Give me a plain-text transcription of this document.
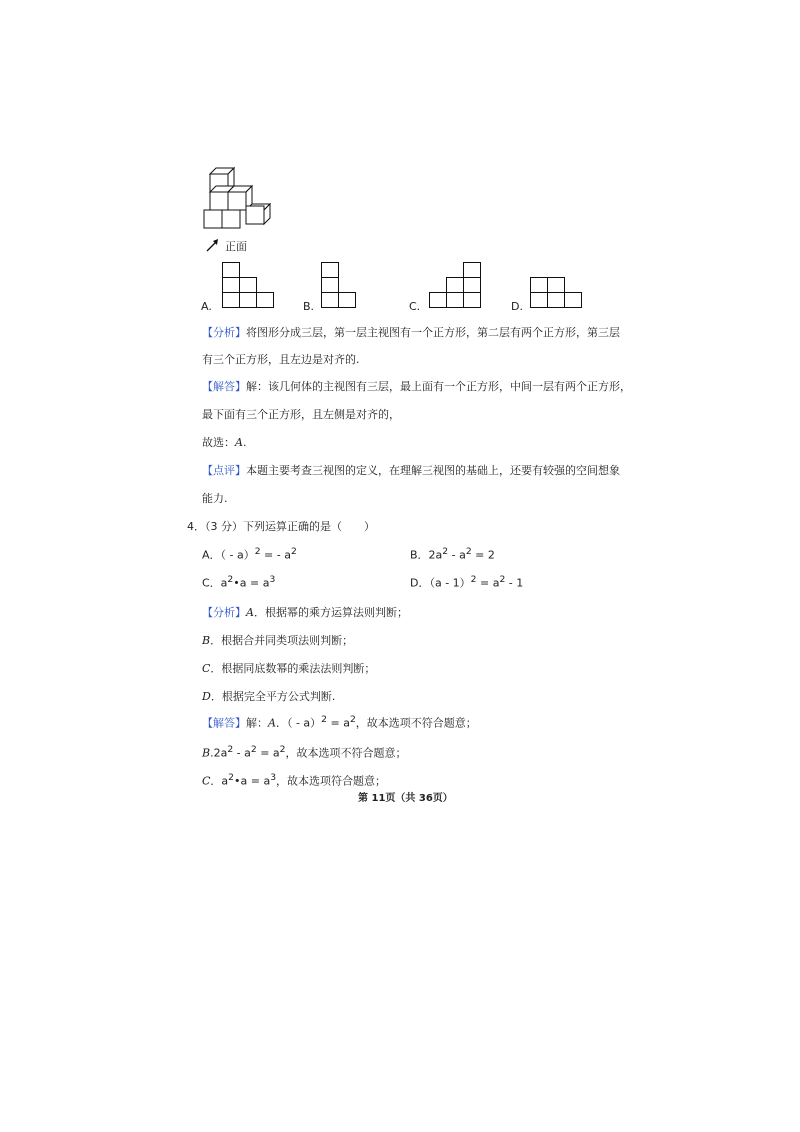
正面
A.	B.	C.	D.
【分析】将图形分成三层，第一层主视图有一个正方形，第二层有两个正方形，第三层
有三个正方形，且左边是对齐的.
【解答】解：该几何体的主视图有三层，最上面有一个正方形，中间一层有两个正方形，
最下面有三个正方形，且左侧是对齐的，
故选：A.
【点评】本题主要考查三视图的定义，在理解三视图的基础上，还要有较强的空间想象
能力.
4．（3 分）下列运算正确的是（　　）
A．（ - a）$^2$ = - $a^2$	B．$2a^2 - a^2 = 2$
C．$a^2•a = a^3$	D．$(a - 1)^2 = a^2 - 1$
【分析】A．根据幂的乘方运算法则判断；
B．根据合并同类项法则判断；
C．根据同底数幂的乘法法则判断；
D．根据完全平方公式判断.
【解答】解：A．（ - $a)^2 = a^2$，故本选项不符合题意；
$B.2a^2 - a^2 = a^2$，故本选项不符合题意；
C．$a^2•a = a^3$，故本选项符合题意；
第 11页（共 36页）
